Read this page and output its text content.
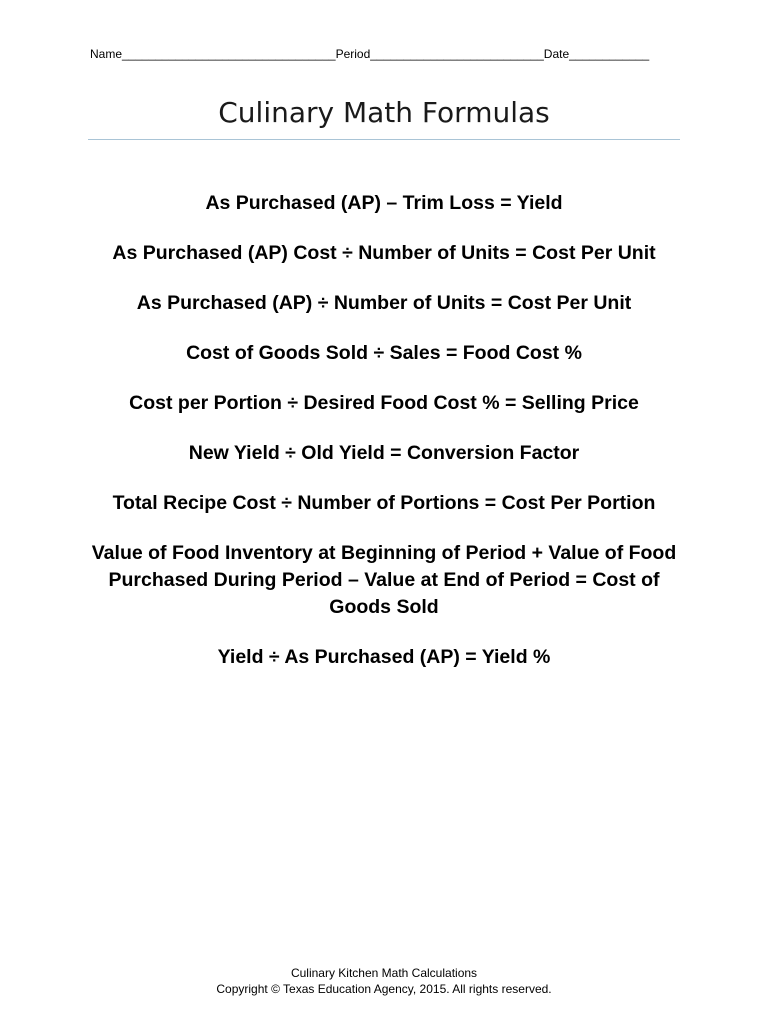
Name________________________________Period__________________________Date____________
Culinary Math Formulas
As Purchased (AP) – Trim Loss = Yield
As Purchased (AP) Cost ÷ Number of Units = Cost Per Unit
As Purchased (AP) ÷ Number of Units = Cost Per Unit
Cost of Goods Sold ÷ Sales = Food Cost %
Cost per Portion ÷ Desired Food Cost % = Selling Price
New Yield ÷ Old Yield = Conversion Factor
Total Recipe Cost ÷ Number of Portions = Cost Per Portion
Value of Food Inventory at Beginning of Period + Value of Food Purchased During Period – Value at End of Period = Cost of Goods Sold
Yield ÷ As Purchased (AP) = Yield %
Culinary Kitchen Math Calculations
Copyright © Texas Education Agency, 2015. All rights reserved.
